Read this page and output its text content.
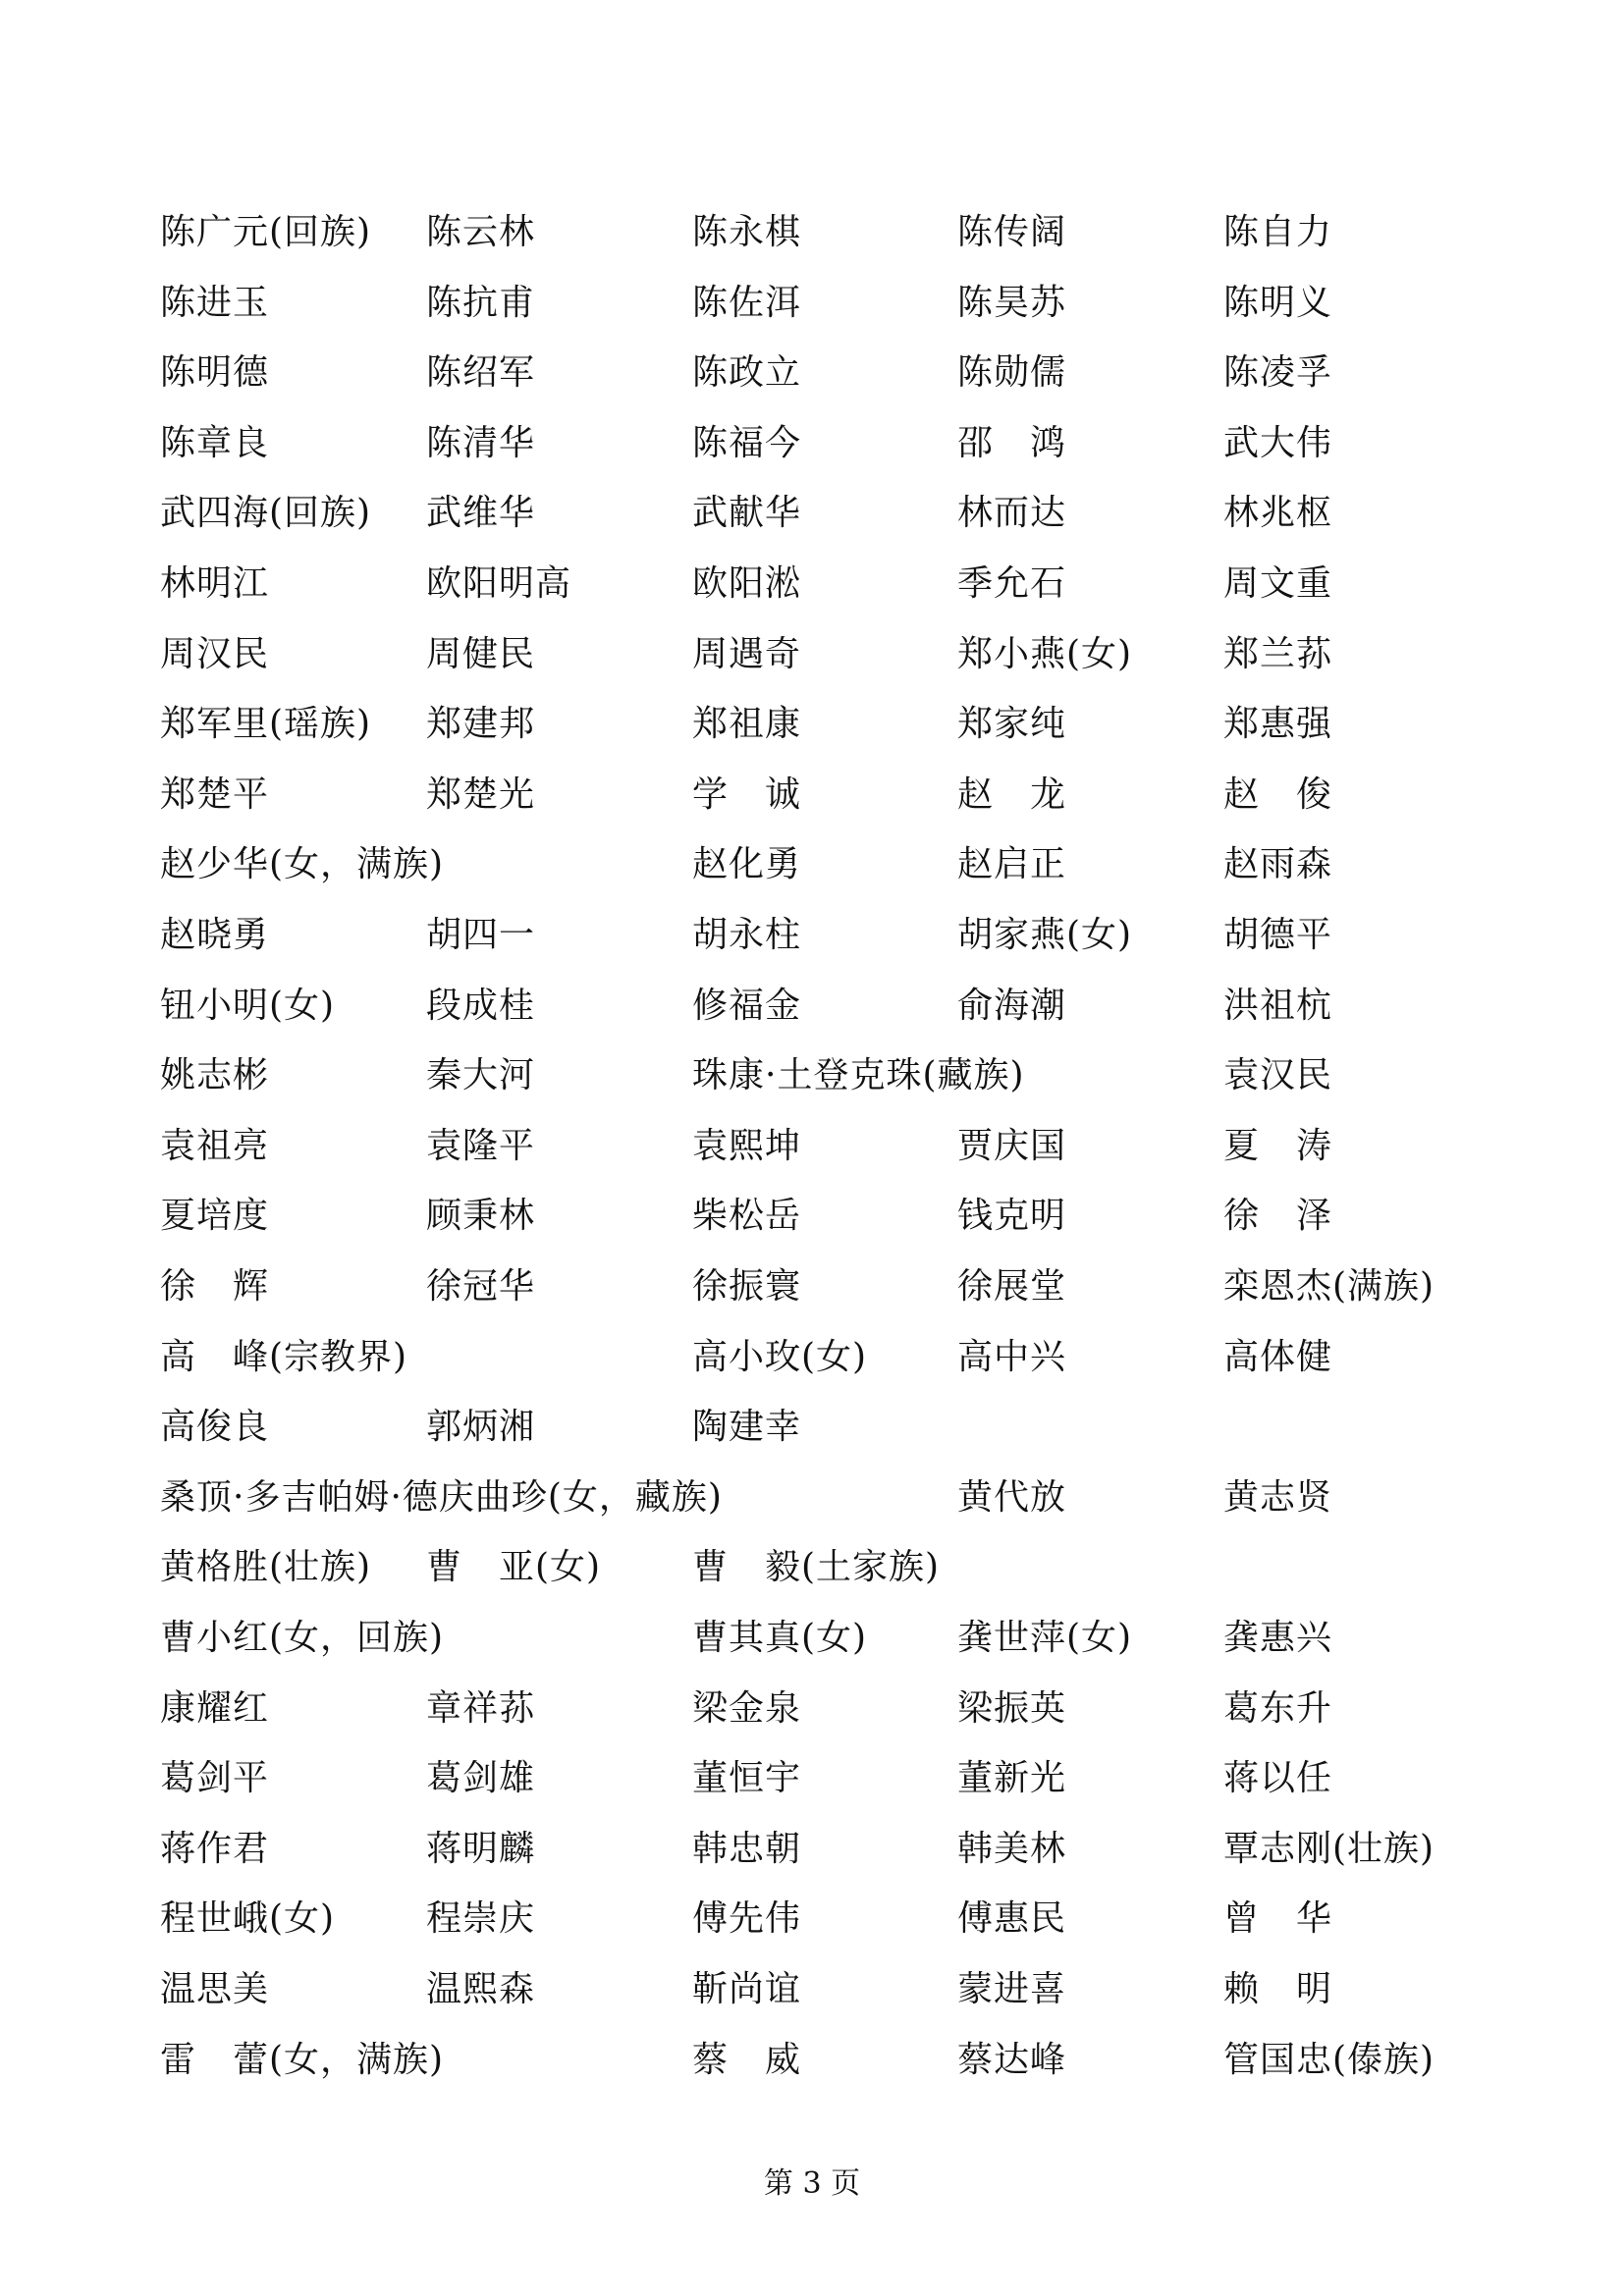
陈广元(回族) 陈云林	陈永棋	陈传阔	陈自力
陈进玉	陈抗甫	陈佐洱	陈昊苏	陈明义
陈明德	陈绍军	陈政立	陈勋儒	陈凌孚
陈章良	陈清华	陈福今	邵　鸿	武大伟
武四海(回族) 武维华	武献华	林而达	林兆枢
林明江	欧阳明高	欧阳淞	季允石	周文重
周汉民	周健民	周遇奇	郑小燕(女)	郑兰荪
郑军里(瑶族) 郑建邦	郑祖康	郑家纯	郑惠强
郑楚平	郑楚光	学　诚	赵　龙	赵　俊
赵少华(女，满族)	赵化勇	赵启正	赵雨森
赵晓勇	胡四一	胡永柱	胡家燕(女)	胡德平
钮小明(女)	段成桂	修福金	俞海潮	洪祖杭
姚志彬	秦大河	珠康·土登克珠(藏族)	袁汉民
袁祖亮	袁隆平	袁熙坤	贾庆国	夏　涛
夏培度	顾秉林	柴松岳	钱克明	徐　泽
徐　辉	徐冠华	徐振寰	徐展堂	栾恩杰(满族)
高　峰(宗教界)	高小玫(女)	高中兴	高体健
高俊良	郭炳湘	陶建幸
桑顶·多吉帕姆·德庆曲珍(女，藏族)	黄代放	黄志贤
黄格胜(壮族) 曹　亚(女)	曹　毅(土家族)
曹小红(女，回族)	曹其真(女)	龚世萍(女)	龚惠兴
康耀红	章祥荪	梁金泉	梁振英	葛东升
葛剑平	葛剑雄	董恒宇	董新光	蒋以任
蒋作君	蒋明麟	韩忠朝	韩美林	覃志刚(壮族)
程世峨(女)	程崇庆	傅先伟	傅惠民	曾　华
温思美	温熙森	靳尚谊	蒙进喜	赖　明
雷　蕾(女，满族)	蔡　威	蔡达峰	管国忠(傣族)
第 3 页
